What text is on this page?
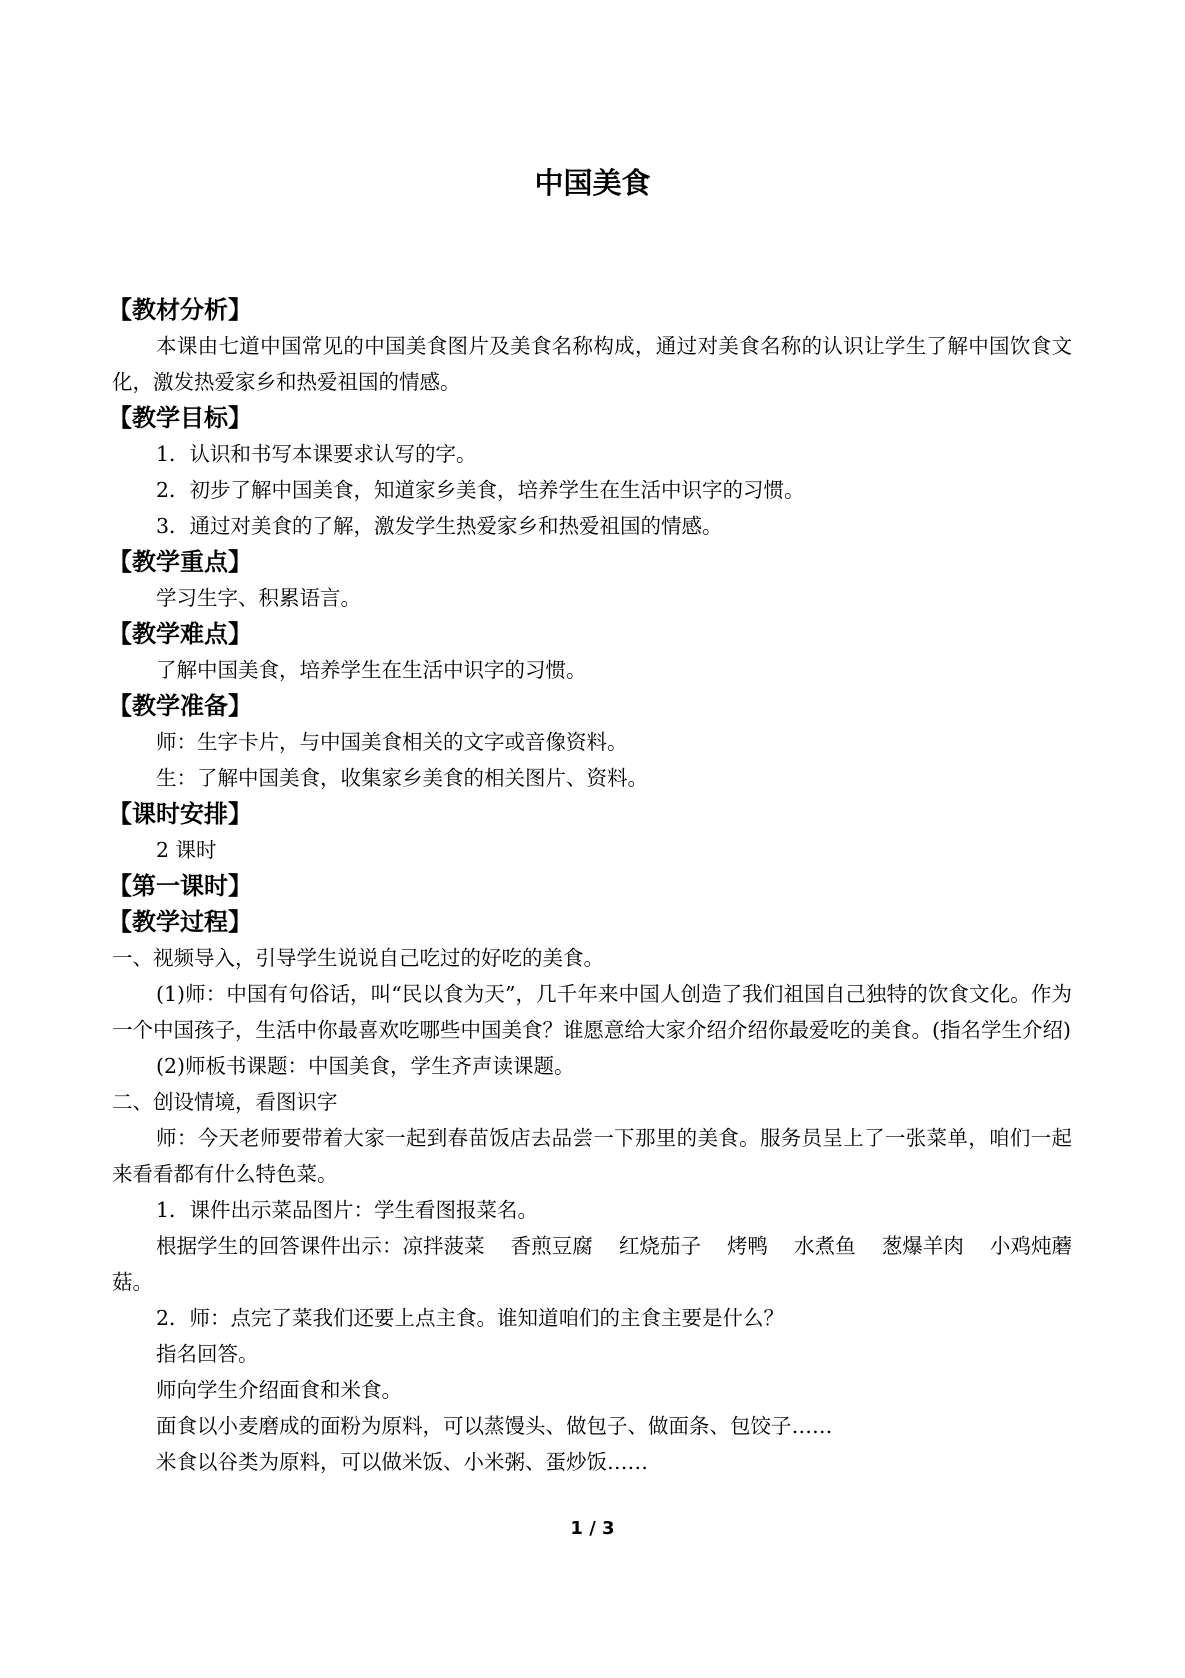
中国美食
【教材分析】
本课由七道中国常见的中国美食图片及美食名称构成，通过对美食名称的认识让学生了解中国饮食文化，激发热爱家乡和热爱祖国的情感。
【教学目标】
1．认识和书写本课要求认写的字。
2．初步了解中国美食，知道家乡美食，培养学生在生活中识字的习惯。
3．通过对美食的了解，激发学生热爱家乡和热爱祖国的情感。
【教学重点】
学习生字、积累语言。
【教学难点】
了解中国美食，培养学生在生活中识字的习惯。
【教学准备】
师：生字卡片，与中国美食相关的文字或音像资料。
生：了解中国美食，收集家乡美食的相关图片、资料。
【课时安排】
2 课时
【第一课时】
【教学过程】
一、视频导入，引导学生说说自己吃过的好吃的美食。
(1)师：中国有句俗话，叫“民以食为天”，几千年来中国人创造了我们祖国自己独特的饮食文化。作为一个中国孩子，生活中你最喜欢吃哪些中国美食？谁愿意给大家介绍介绍你最爱吃的美食。(指名学生介绍)
(2)师板书课题：中国美食，学生齐声读课题。
二、创设情境，看图识字
师：今天老师要带着大家一起到春苗饭店去品尝一下那里的美食。服务员呈上了一张菜单，咱们一起来看看都有什么特色菜。
1．课件出示菜品图片：学生看图报菜名。
根据学生的回答课件出示：凉拌菠菜 香煎豆腐 红烧茄子 烤鸭 水煮鱼 葱爆羊肉 小鸡炖蘑菇。
2．师：点完了菜我们还要上点主食。谁知道咱们的主食主要是什么？
指名回答。
师向学生介绍面食和米食。
面食以小麦磨成的面粉为原料，可以蒸馒头、做包子、做面条、包饺子……
米食以谷类为原料，可以做米饭、小米粥、蛋炒饭……
1 / 3
